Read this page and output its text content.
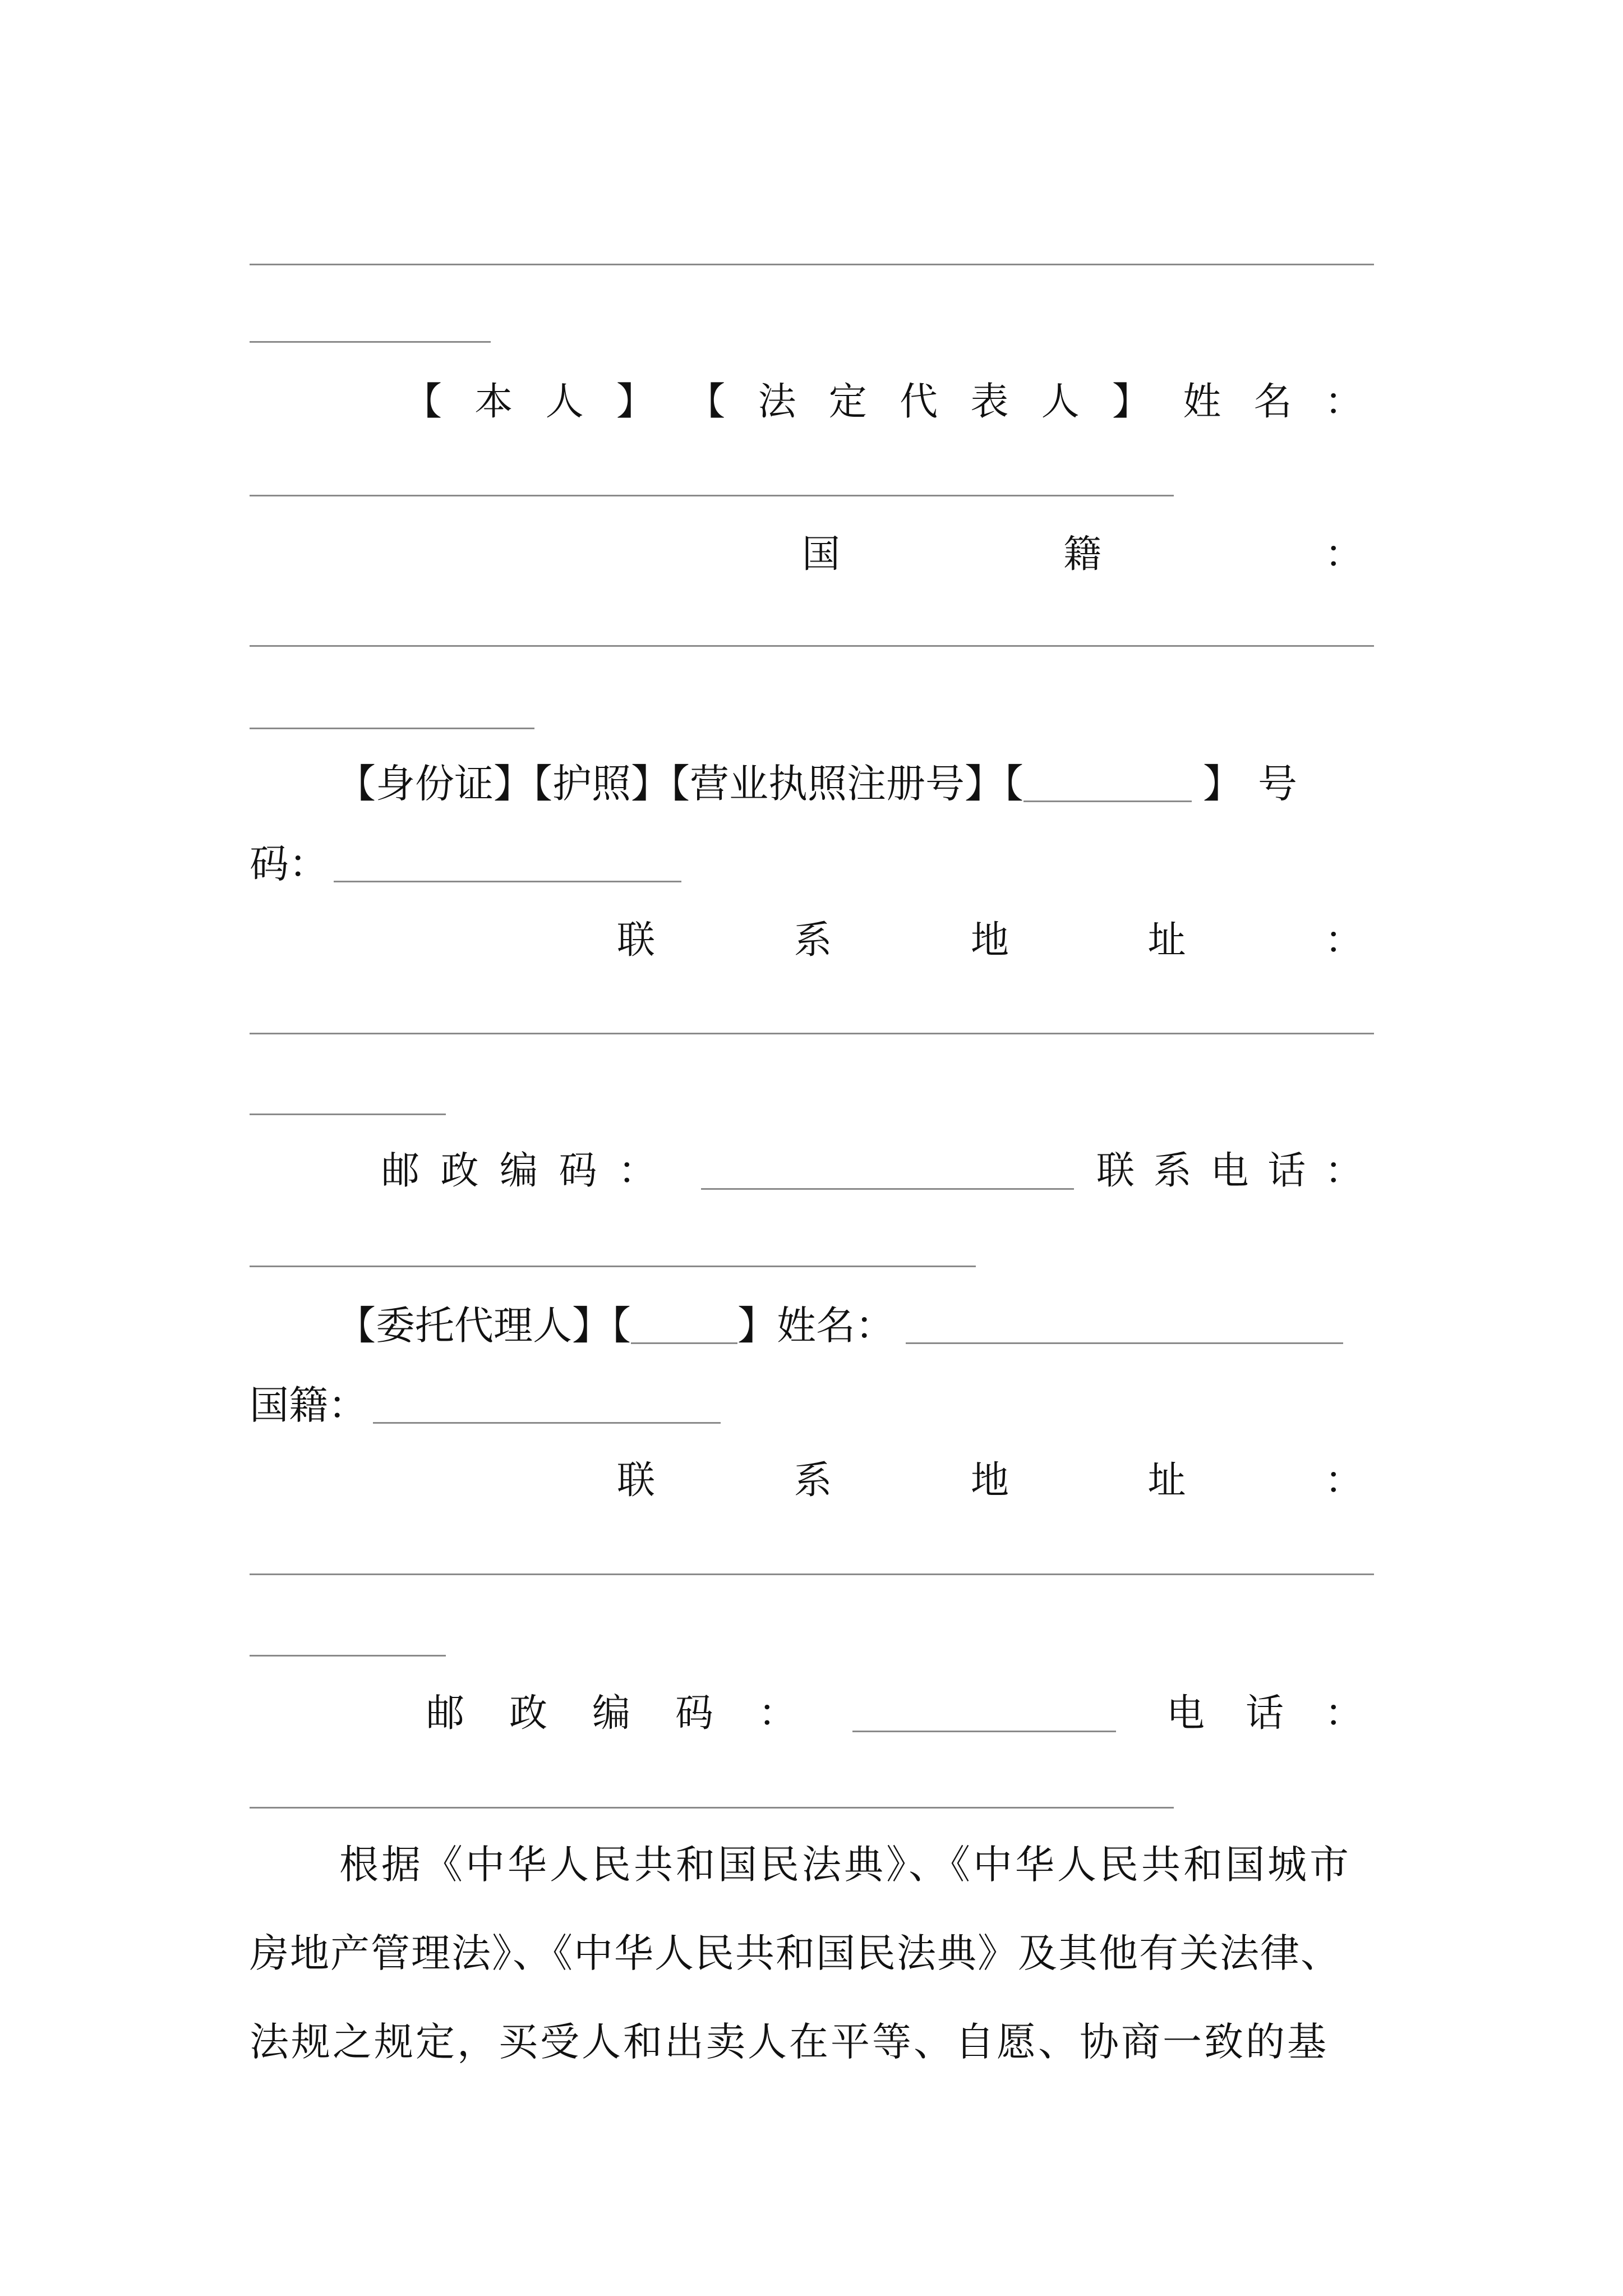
【 本 人 】 【 法 定 代 表 人 】 姓 名 ：
国	籍	：
【身份证】【护照】【营业执照注册号】【	】号
码：
联	系	地	址	：
邮 政 编 码 ：	联 系 电 话 ：
【委托代理人】【	】姓名：
国籍：
联	系	地	址	：
邮 政 编 码 ：	电 话 ：
根据《中华人民共和国民法典》、《中华人民共和国城市
房地产管理法》、《中华人民共和国民法典》及其他有关法律、
法规之规定，买受人和出卖人在平等、自愿、协商一致的基
